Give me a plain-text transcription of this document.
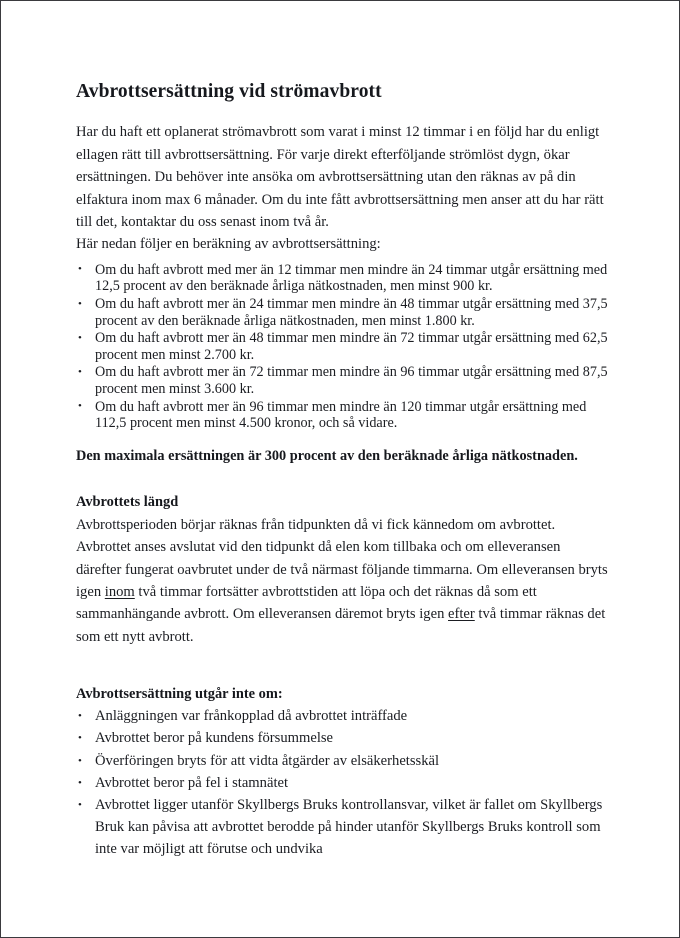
Avbrottsersättning vid strömavbrott

Har du haft ett oplanerat strömavbrott som varat i minst 12 timmar i en följd har du enligt ellagen rätt till avbrottsersättning. För varje direkt efterföljande strömlöst dygn, ökar ersättningen. Du behöver inte ansöka om avbrottsersättning utan den räknas av på din elfaktura inom max 6 månader. Om du inte fått avbrottsersättning men anser att du har rätt till det, kontaktar du oss senast inom två år.

Här nedan följer en beräkning av avbrottsersättning:

• Om du haft avbrott med mer än 12 timmar men mindre än 24 timmar utgår ersättning med 12,5 procent av den beräknade årliga nätkostnaden, men minst 900 kr.
• Om du haft avbrott mer än 24 timmar men mindre än 48 timmar utgår ersättning med 37,5 procent av den beräknade årliga nätkostnaden, men minst 1.800 kr.
• Om du haft avbrott mer än 48 timmar men mindre än 72 timmar utgår ersättning med 62,5 procent men minst 2.700 kr.
• Om du haft avbrott mer än 72 timmar men mindre än 96 timmar utgår ersättning med 87,5 procent men minst 3.600 kr.
• Om du haft avbrott mer än 96 timmar men mindre än 120 timmar utgår ersättning med 112,5 procent men minst 4.500 kronor, och så vidare.

Den maximala ersättningen är 300 procent av den beräknade årliga nätkostnaden.

Avbrottets längd

Avbrottsperioden börjar räknas från tidpunkten då vi fick kännedom om avbrottet. Avbrottet anses avslutat vid den tidpunkt då elen kom tillbaka och om elleveransen därefter fungerat oavbrutet under de två närmast följande timmarna. Om elleveransen bryts igen inom två timmar fortsätter avbrottstiden att löpa och det räknas då som ett sammanhängande avbrott. Om elleveransen däremot bryts igen efter två timmar räknas det som ett nytt avbrott.

Avbrottsersättning utgår inte om:
• Anläggningen var frånkopplad då avbrottet inträffade
• Avbrottet beror på kundens försummelse
• Överföringen bryts för att vidta åtgärder av elsäkerhetsskäl
• Avbrottet beror på fel i stamnätet
• Avbrottet ligger utanför Skyllbergs Bruks kontrollansvar, vilket är fallet om Skyllbergs Bruk kan påvisa att avbrottet berodde på hinder utanför Skyllbergs Bruks kontroll som inte var möjligt att förutse och undvika
